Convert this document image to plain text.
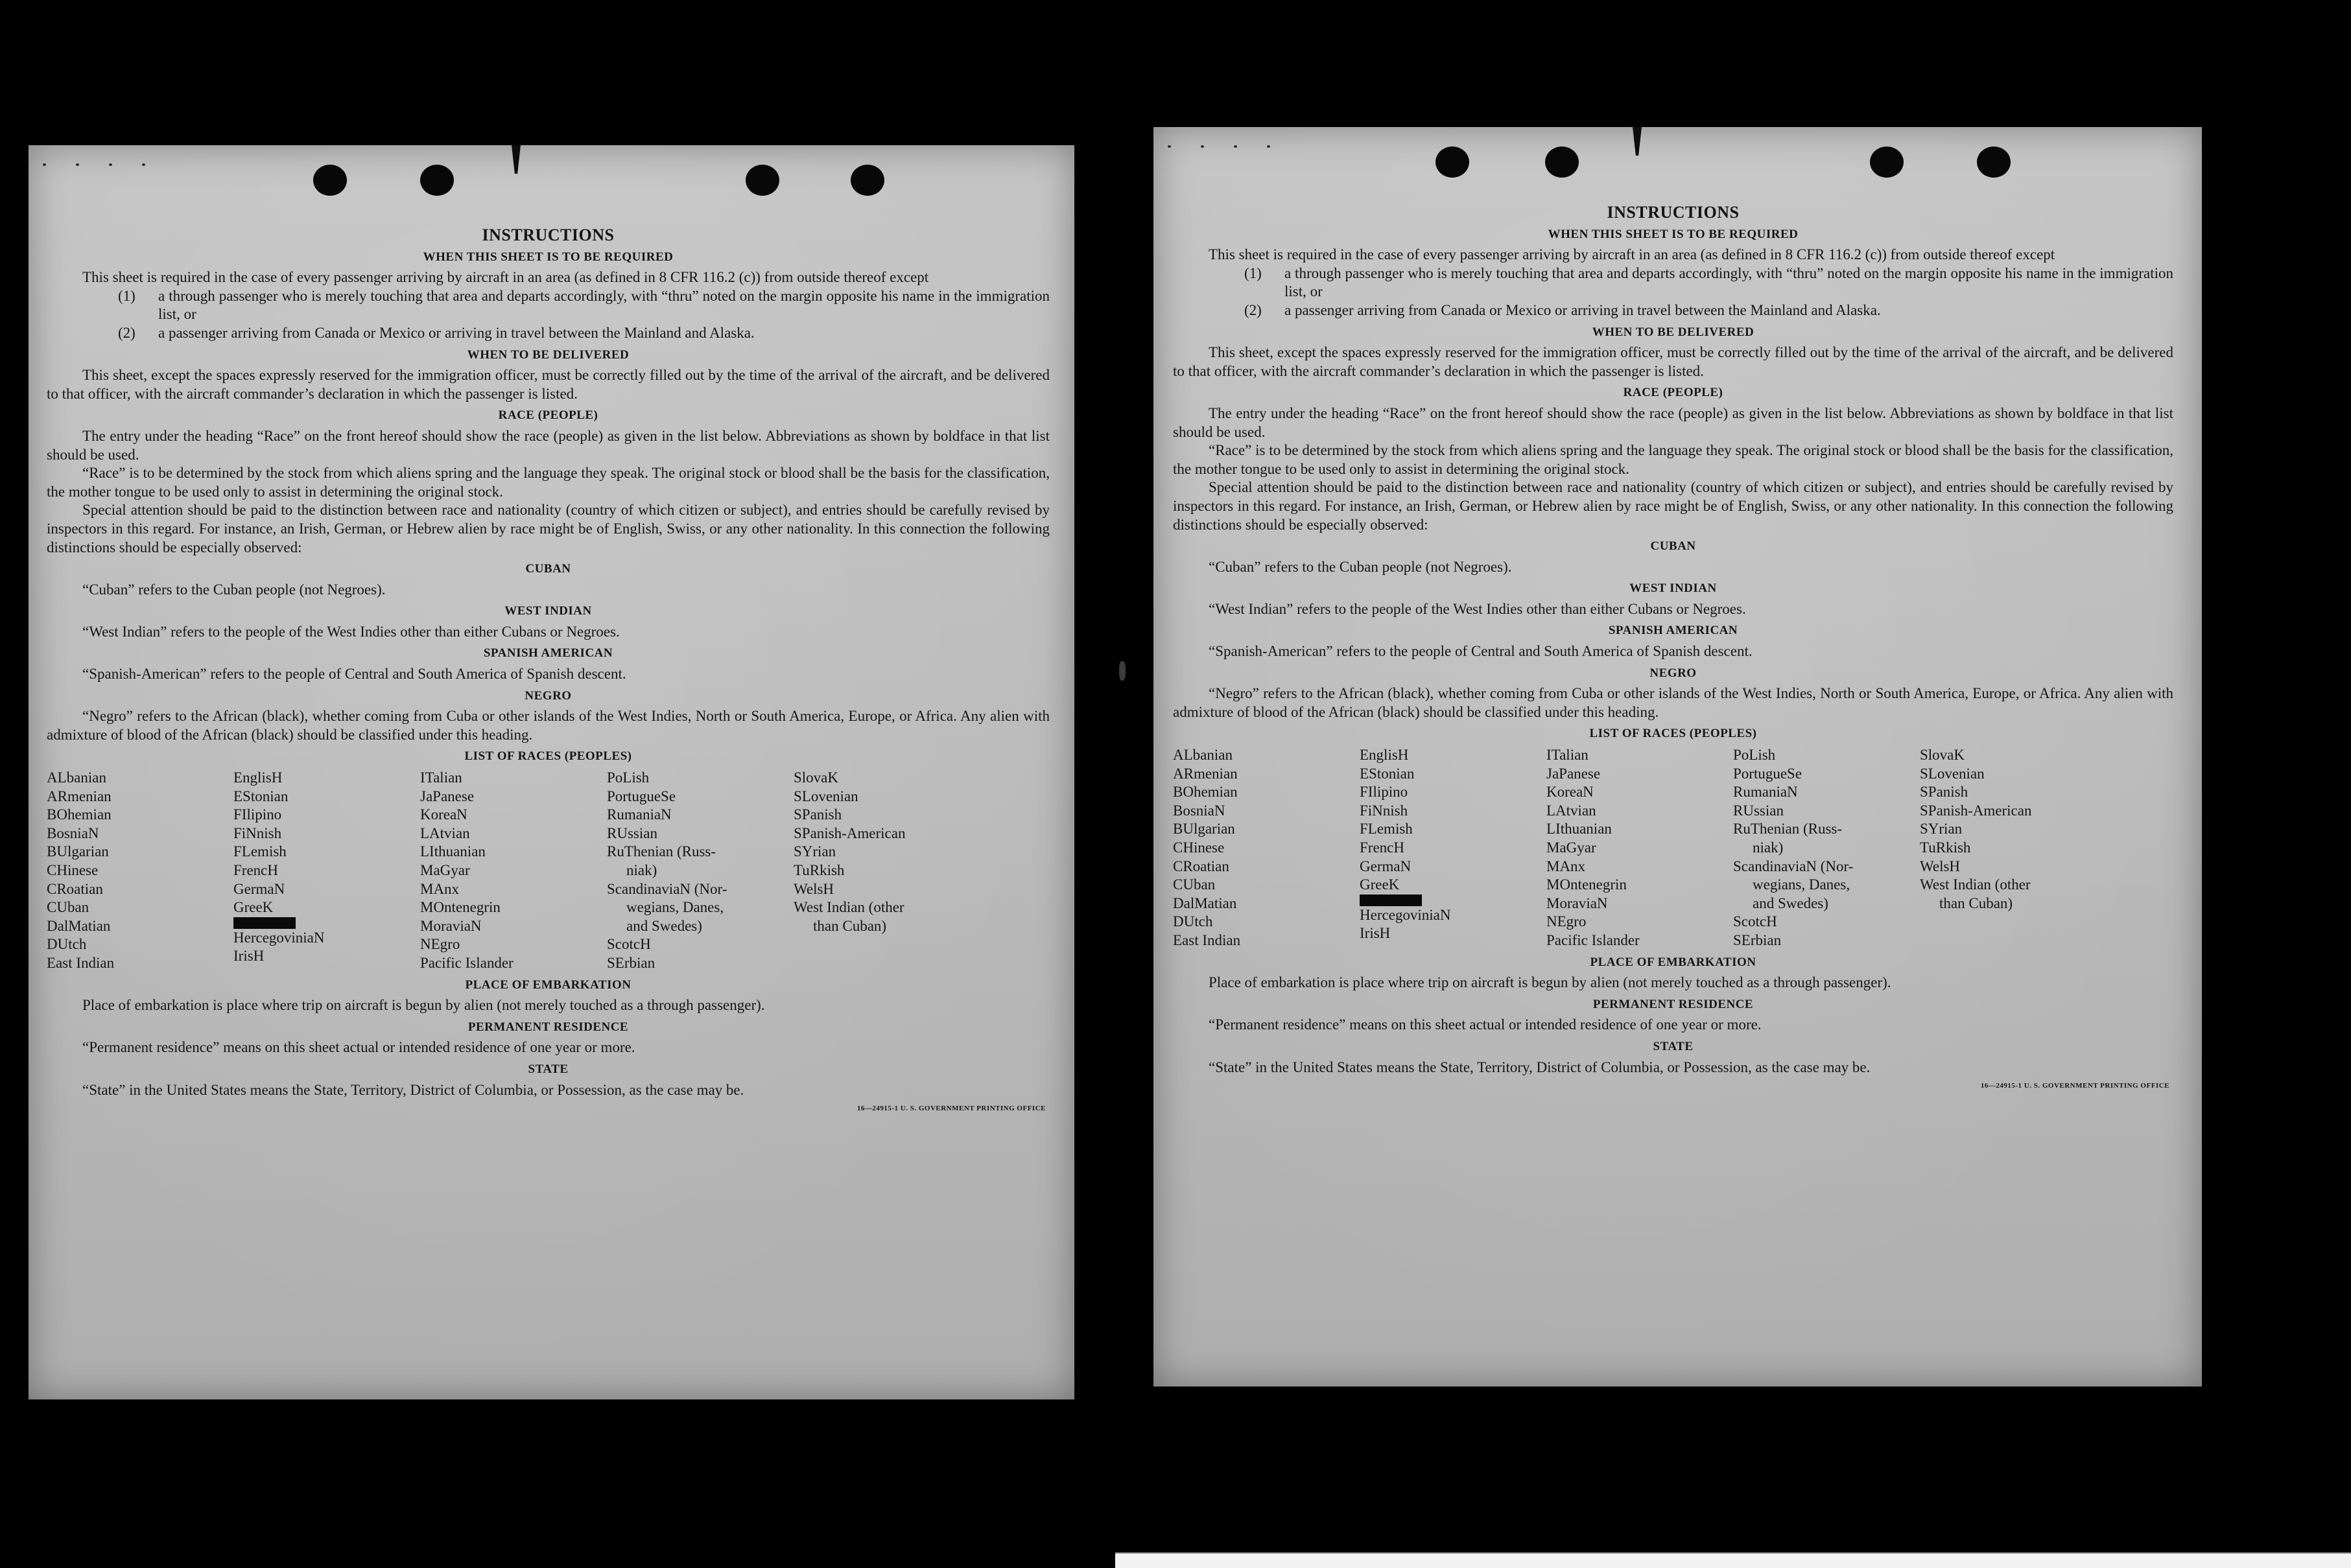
INSTRUCTIONS
WHEN THIS SHEET IS TO BE REQUIRED

This sheet is required in the case of every passenger arriving by aircraft in an area (as defined in 8 CFR 116.2 (c)) from outside thereof except

(1)	a through passenger who is merely touching that area and departs accordingly, with “thru” noted on the margin opposite his name in the immigration list, or
(2)	a passenger arriving from Canada or Mexico or arriving in travel between the Mainland and Alaska.
WHEN TO BE DELIVERED

This sheet, except the spaces expressly reserved for the immigration officer, must be correctly filled out by the time of the arrival of the aircraft, and be delivered to that officer, with the aircraft commander’s declaration in which the passenger is listed.

RACE (PEOPLE)

The entry under the heading “Race” on the front hereof should show the race (people) as given in the list below. Abbreviations as shown by boldface in that list should be used.

“Race” is to be determined by the stock from which aliens spring and the language they speak. The original stock or blood shall be the basis for the classification, the mother tongue to be used only to assist in determining the original stock.

Special attention should be paid to the distinction between race and nationality (country of which citizen or subject), and entries should be carefully revised by inspectors in this regard. For instance, an Irish, German, or Hebrew alien by race might be of English, Swiss, or any other nationality. In this connection the following distinctions should be especially observed:

CUBAN

“Cuban” refers to the Cuban people (not Negroes).

WEST INDIAN

“West Indian” refers to the people of the West Indies other than either Cubans or Negroes.

SPANISH AMERICAN

“Spanish-American” refers to the people of Central and South America of Spanish descent.

NEGRO

“Negro” refers to the African (black), whether coming from Cuba or other islands of the West Indies, North or South America, Europe, or Africa. Any alien with admixture of blood of the African (black) should be classified under this heading.

LIST OF RACES (PEOPLES)
ALbanian
ARmenian
BOhemian
BosniaN
BUlgarian
CHinese
CRoatian
CUban
DalMatian
DUtch
East Indian
EnglisH
EStonian
FIlipino
FiNnish
FLemish
FrencH
GermaN
GreeK
HercegoviniaN
IrisH
ITalian
JaPanese
KoreaN
LAtvian
LIthuanian
MaGyar
MAnx
MOntenegrin
MoraviaN
NEgro
Pacific Islander
PoLish
PortugueSe
RumaniaN
RUssian
RuThenian (Russ-
niak)
ScandinaviaN (Nor-
wegians, Danes,
and Swedes)
ScotcH
SErbian
SlovaK
SLovenian
SPanish
SPanish-American
SYrian
TuRkish
WelsH
West Indian (other
than Cuban)
PLACE OF EMBARKATION

Place of embarkation is place where trip on aircraft is begun by alien (not merely touched as a through passenger).

PERMANENT RESIDENCE

“Permanent residence” means on this sheet actual or intended residence of one year or more.

STATE

“State” in the United States means the State, Territory, District of Columbia, or Possession, as the case may be.

16—24915-1 U. S. GOVERNMENT PRINTING OFFICE
INSTRUCTIONS
WHEN THIS SHEET IS TO BE REQUIRED

This sheet is required in the case of every passenger arriving by aircraft in an area (as defined in 8 CFR 116.2 (c)) from outside thereof except

(1)	a through passenger who is merely touching that area and departs accordingly, with “thru” noted on the margin opposite his name in the immigration list, or
(2)	a passenger arriving from Canada or Mexico or arriving in travel between the Mainland and Alaska.
WHEN TO BE DELIVERED

This sheet, except the spaces expressly reserved for the immigration officer, must be correctly filled out by the time of the arrival of the aircraft, and be delivered to that officer, with the aircraft commander’s declaration in which the passenger is listed.

RACE (PEOPLE)

The entry under the heading “Race” on the front hereof should show the race (people) as given in the list below. Abbreviations as shown by boldface in that list should be used.

“Race” is to be determined by the stock from which aliens spring and the language they speak. The original stock or blood shall be the basis for the classification, the mother tongue to be used only to assist in determining the original stock.

Special attention should be paid to the distinction between race and nationality (country of which citizen or subject), and entries should be carefully revised by inspectors in this regard. For instance, an Irish, German, or Hebrew alien by race might be of English, Swiss, or any other nationality. In this connection the following distinctions should be especially observed:

CUBAN

“Cuban” refers to the Cuban people (not Negroes).

WEST INDIAN

“West Indian” refers to the people of the West Indies other than either Cubans or Negroes.

SPANISH AMERICAN

“Spanish-American” refers to the people of Central and South America of Spanish descent.

NEGRO

“Negro” refers to the African (black), whether coming from Cuba or other islands of the West Indies, North or South America, Europe, or Africa. Any alien with admixture of blood of the African (black) should be classified under this heading.

LIST OF RACES (PEOPLES)
ALbanian
ARmenian
BOhemian
BosniaN
BUlgarian
CHinese
CRoatian
CUban
DalMatian
DUtch
East Indian
EnglisH
EStonian
FIlipino
FiNnish
FLemish
FrencH
GermaN
GreeK
HercegoviniaN
IrisH
ITalian
JaPanese
KoreaN
LAtvian
LIthuanian
MaGyar
MAnx
MOntenegrin
MoraviaN
NEgro
Pacific Islander
PoLish
PortugueSe
RumaniaN
RUssian
RuThenian (Russ-
niak)
ScandinaviaN (Nor-
wegians, Danes,
and Swedes)
ScotcH
SErbian
SlovaK
SLovenian
SPanish
SPanish-American
SYrian
TuRkish
WelsH
West Indian (other
than Cuban)
PLACE OF EMBARKATION

Place of embarkation is place where trip on aircraft is begun by alien (not merely touched as a through passenger).

PERMANENT RESIDENCE

“Permanent residence” means on this sheet actual or intended residence of one year or more.

STATE

“State” in the United States means the State, Territory, District of Columbia, or Possession, as the case may be.

16—24915-1 U. S. GOVERNMENT PRINTING OFFICE
